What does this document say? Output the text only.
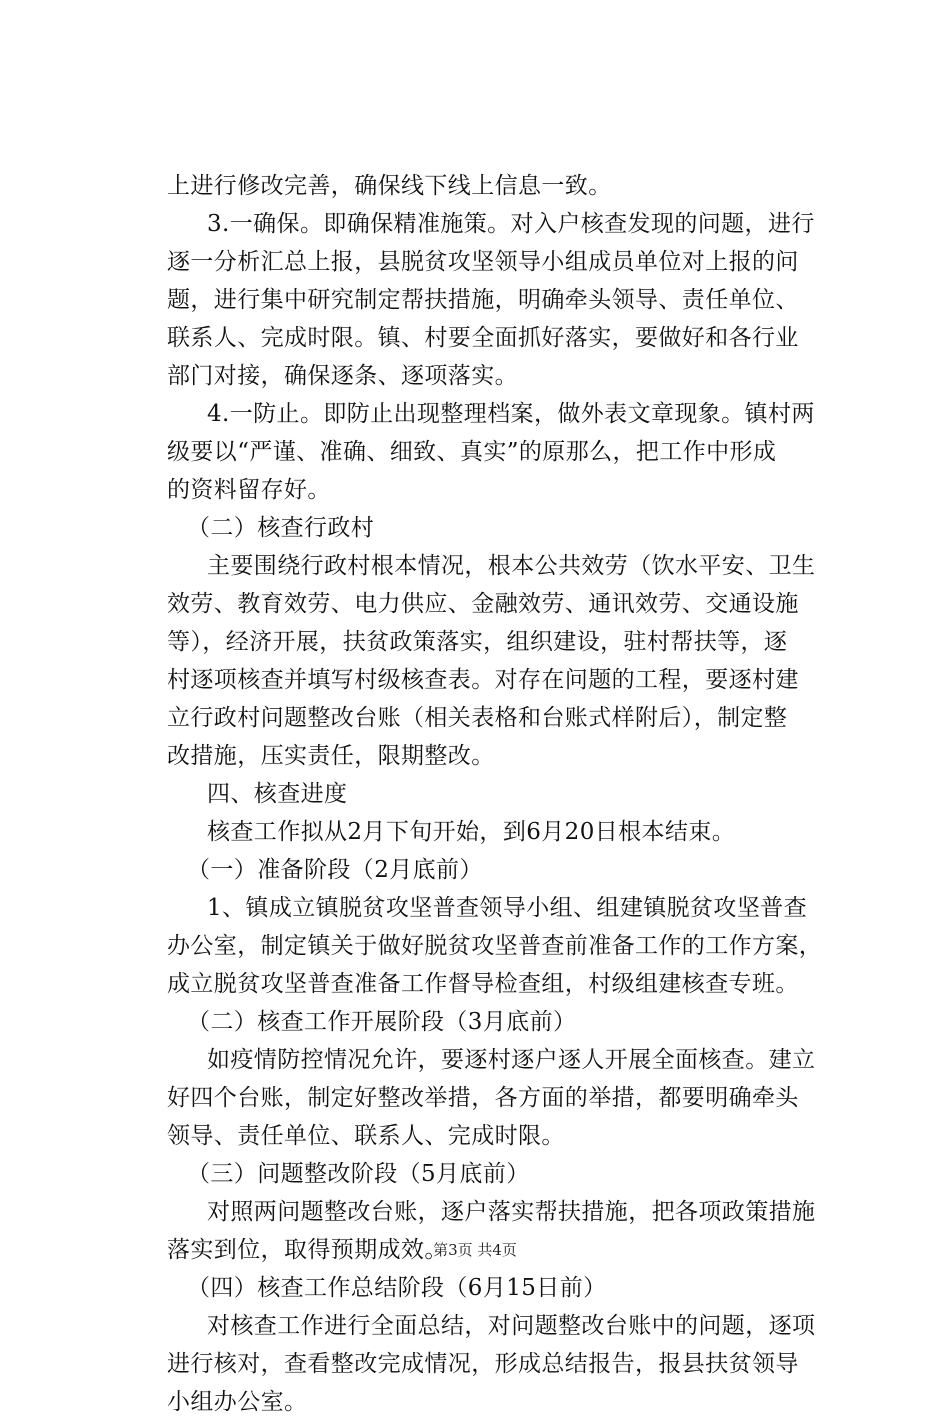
上进行修改完善，确保线下线上信息一致。
3.一确保。即确保精准施策。对入户核查发现的问题，进行
逐一分析汇总上报，县脱贫攻坚领导小组成员单位对上报的问
题，进行集中研究制定帮扶措施，明确牵头领导、责任单位、
联系人、完成时限。镇、村要全面抓好落实，要做好和各行业
部门对接，确保逐条、逐项落实。
4.一防止。即防止出现整理档案，做外表文章现象。镇村两
级要以“严谨、准确、细致、真实”的原那么，把工作中形成
的资料留存好。
（二）核查行政村
主要围绕行政村根本情况，根本公共效劳（饮水平安、卫生
效劳、教育效劳、电力供应、金融效劳、通讯效劳、交通设施
等），经济开展，扶贫政策落实，组织建设，驻村帮扶等，逐
村逐项核查并填写村级核查表。对存在问题的工程，要逐村建
立行政村问题整改台账（相关表格和台账式样附后），制定整
改措施，压实责任，限期整改。
四、核查进度
核查工作拟从2月下旬开始，到6月20日根本结束。
（一）准备阶段（2月底前）
1、镇成立镇脱贫攻坚普查领导小组、组建镇脱贫攻坚普查
办公室，制定镇关于做好脱贫攻坚普查前准备工作的工作方案，
成立脱贫攻坚普查准备工作督导检查组，村级组建核查专班。
（二）核查工作开展阶段（3月底前）
如疫情防控情况允许，要逐村逐户逐人开展全面核查。建立
好四个台账，制定好整改举措，各方面的举措，都要明确牵头
领导、责任单位、联系人、完成时限。
（三）问题整改阶段（5月底前）
对照两问题整改台账，逐户落实帮扶措施，把各项政策措施
落实到位，取得预期成效。
（四）核查工作总结阶段（6月15日前）
对核查工作进行全面总结，对问题整改台账中的问题，逐项
进行核对，查看整改完成情况，形成总结报告，报县扶贫领导
小组办公室。
第3页 共4页
